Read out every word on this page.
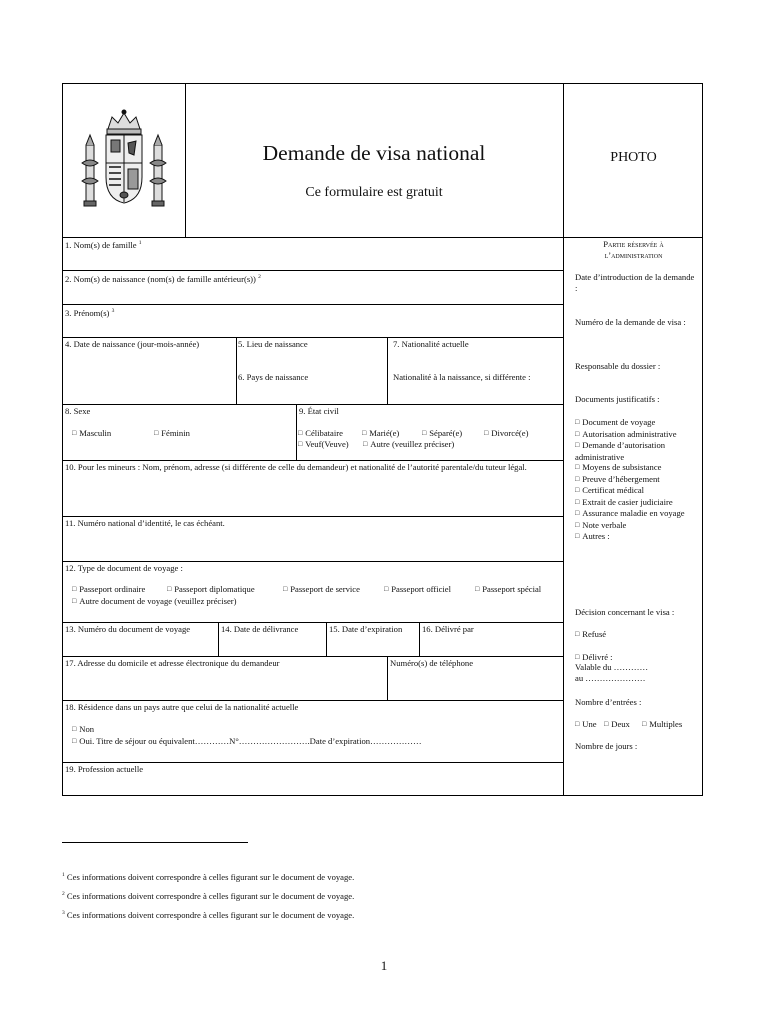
Demande de visa national
Ce formulaire est gratuit
PHOTO
1. Nom(s) de famille $^1$
2. Nom(s) de naissance (nom(s) de famille antérieur(s)) $^2$
3. Prénom(s) $^3$
4. Date de naissance (jour-mois-année)	5. Lieu de naissance
6. Pays de naissance
7. Nationalité actuelle
Nationalité à la naissance, si différente :
8. Sexe
□ Masculin	□ Féminin
9. État civil
□ Célibataire	□ Marié(e)	□ Séparé(e)	□ Divorcé(e)
□ Veuf(Veuve)	□ Autre (veuillez préciser)
10. Pour les mineurs : Nom, prénom, adresse (si différente de celle du demandeur) et nationalité de l’autorité parentale/du tuteur légal.
11. Numéro national d’identité, le cas échéant.
12. Type de document de voyage :
□ Passeport ordinaire	□ Passeport diplomatique	□ Passeport de service	□ Passeport officiel	□ Passeport spécial
□ Autre document de voyage (veuillez préciser)
13. Numéro du document de voyage	14. Date de délivrance	15. Date d’expiration 16. Délivré par
17. Adresse du domicile et adresse électronique du demandeur	Numéro(s) de téléphone
18. Résidence dans un pays autre que celui de la nationalité actuelle
□ Non
□ Oui. Titre de séjour ou équivalent…………N°…………………….Date d’expiration………………
19. Profession actuelle
Partie réservée à
l’administration
Date d’introduction de la demande :
Numéro de la demande de visa :
Responsable du dossier :
Documents justificatifs :
□ Document de voyage
□ Autorisation administrative
□ Demande d’autorisation administrative
□ Moyens de subsistance
□ Preuve d’hébergement
□ Certificat médical
□ Extrait de casier judiciaire
□ Assurance maladie en voyage
□ Note verbale
□ Autres :
Décision concernant le visa :
□ Refusé
□ Délivré :
Valable du …………
au …………………
Nombre d’entrées :
□ Une	□ Deux	□ Multiples
Nombre de jours :
$^1$ Ces informations doivent correspondre à celles figurant sur le document de voyage.
$^2$ Ces informations doivent correspondre à celles figurant sur le document de voyage.
$^3$ Ces informations doivent correspondre à celles figurant sur le document de voyage.
1
